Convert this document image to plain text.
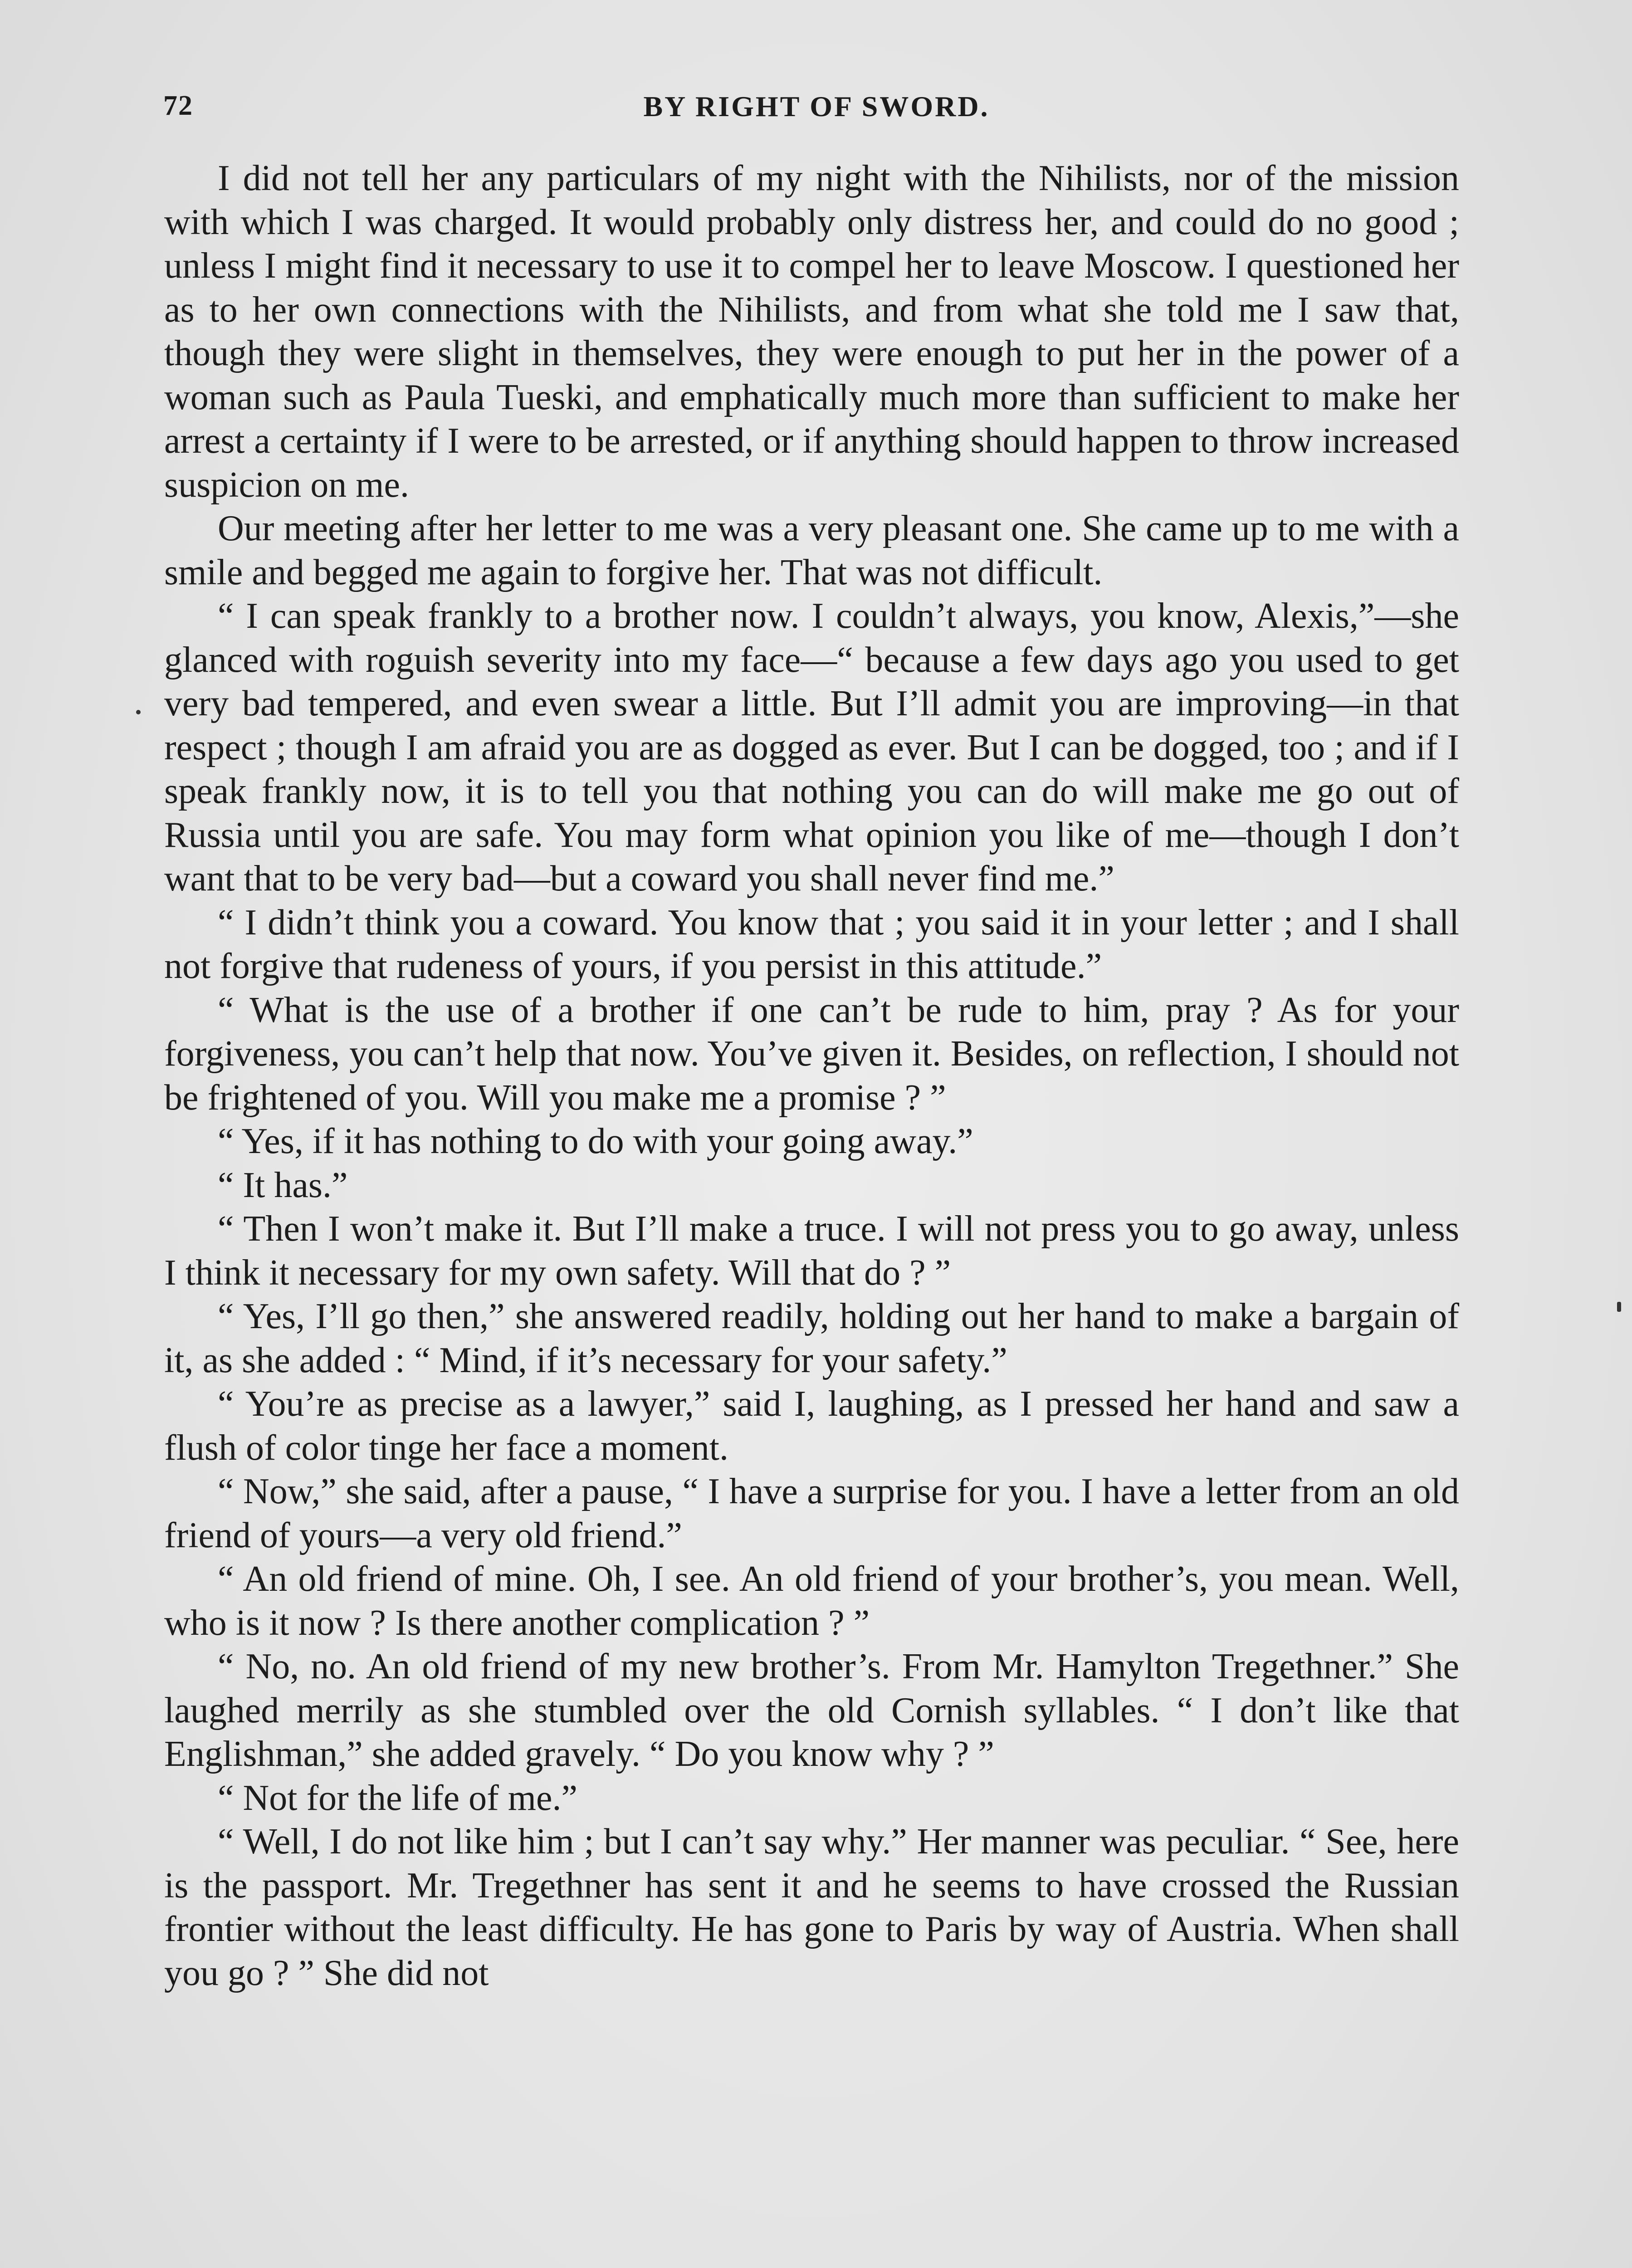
72	BY RIGHT OF SWORD.

I did not tell her any particulars of my night with the Nihilists, nor of the mission with which I was charged. It would probably only distress her, and could do no good ; unless I might find it necessary to use it to compel her to leave Moscow. I questioned her as to her own connections with the Nihilists, and from what she told me I saw that, though they were slight in themselves, they were enough to put her in the power of a woman such as Paula Tueski, and emphatically much more than sufficient to make her arrest a certainty if I were to be arrested, or if anything should happen to throw increased suspicion on me.

Our meeting after her letter to me was a very pleasant one. She came up to me with a smile and begged me again to forgive her. That was not difficult.

“ I can speak frankly to a brother now. I couldn’t always, you know, Alexis,”—she glanced with roguish severity into my face—“ because a few days ago you used to get very bad tempered, and even swear a little. But I’ll admit you are improving—in that respect ; though I am afraid you are as dogged as ever. But I can be dogged, too ; and if I speak frankly now, it is to tell you that nothing you can do will make me go out of Russia until you are safe. You may form what opinion you like of me—though I don’t want that to be very bad—but a coward you shall never find me.”

“ I didn’t think you a coward. You know that ; you said it in your letter ; and I shall not forgive that rudeness of yours, if you persist in this attitude.”

“ What is the use of a brother if one can’t be rude to him, pray ? As for your forgiveness, you can’t help that now. You’ve given it. Besides, on reflection, I should not be frightened of you. Will you make me a promise ? ”

“ Yes, if it has nothing to do with your going away.”

“ It has.”

“ Then I won’t make it. But I’ll make a truce. I will not press you to go away, unless I think it necessary for my own safety. Will that do ? ”

“ Yes, I’ll go then,” she answered readily, holding out her hand to make a bargain of it, as she added : “ Mind, if it’s necessary for your safety.”

“ You’re as precise as a lawyer,” said I, laughing, as I pressed her hand and saw a flush of color tinge her face a moment.

“ Now,” she said, after a pause, “ I have a surprise for you. I have a letter from an old friend of yours—a very old friend.”

“ An old friend of mine. Oh, I see. An old friend of your brother’s, you mean. Well, who is it now ? Is there another complication ? ”

“ No, no. An old friend of my new brother’s. From Mr. Hamylton Tregethner.” She laughed merrily as she stumbled over the old Cornish syllables. “ I don’t like that Englishman,” she added gravely. “ Do you know why ? ”

“ Not for the life of me.”

“ Well, I do not like him ; but I can’t say why.” Her manner was peculiar. “ See, here is the passport. Mr. Tregethner has sent it and he seems to have crossed the Russian frontier without the least difficulty. He has gone to Paris by way of Austria. When shall you go ? ” She did not
